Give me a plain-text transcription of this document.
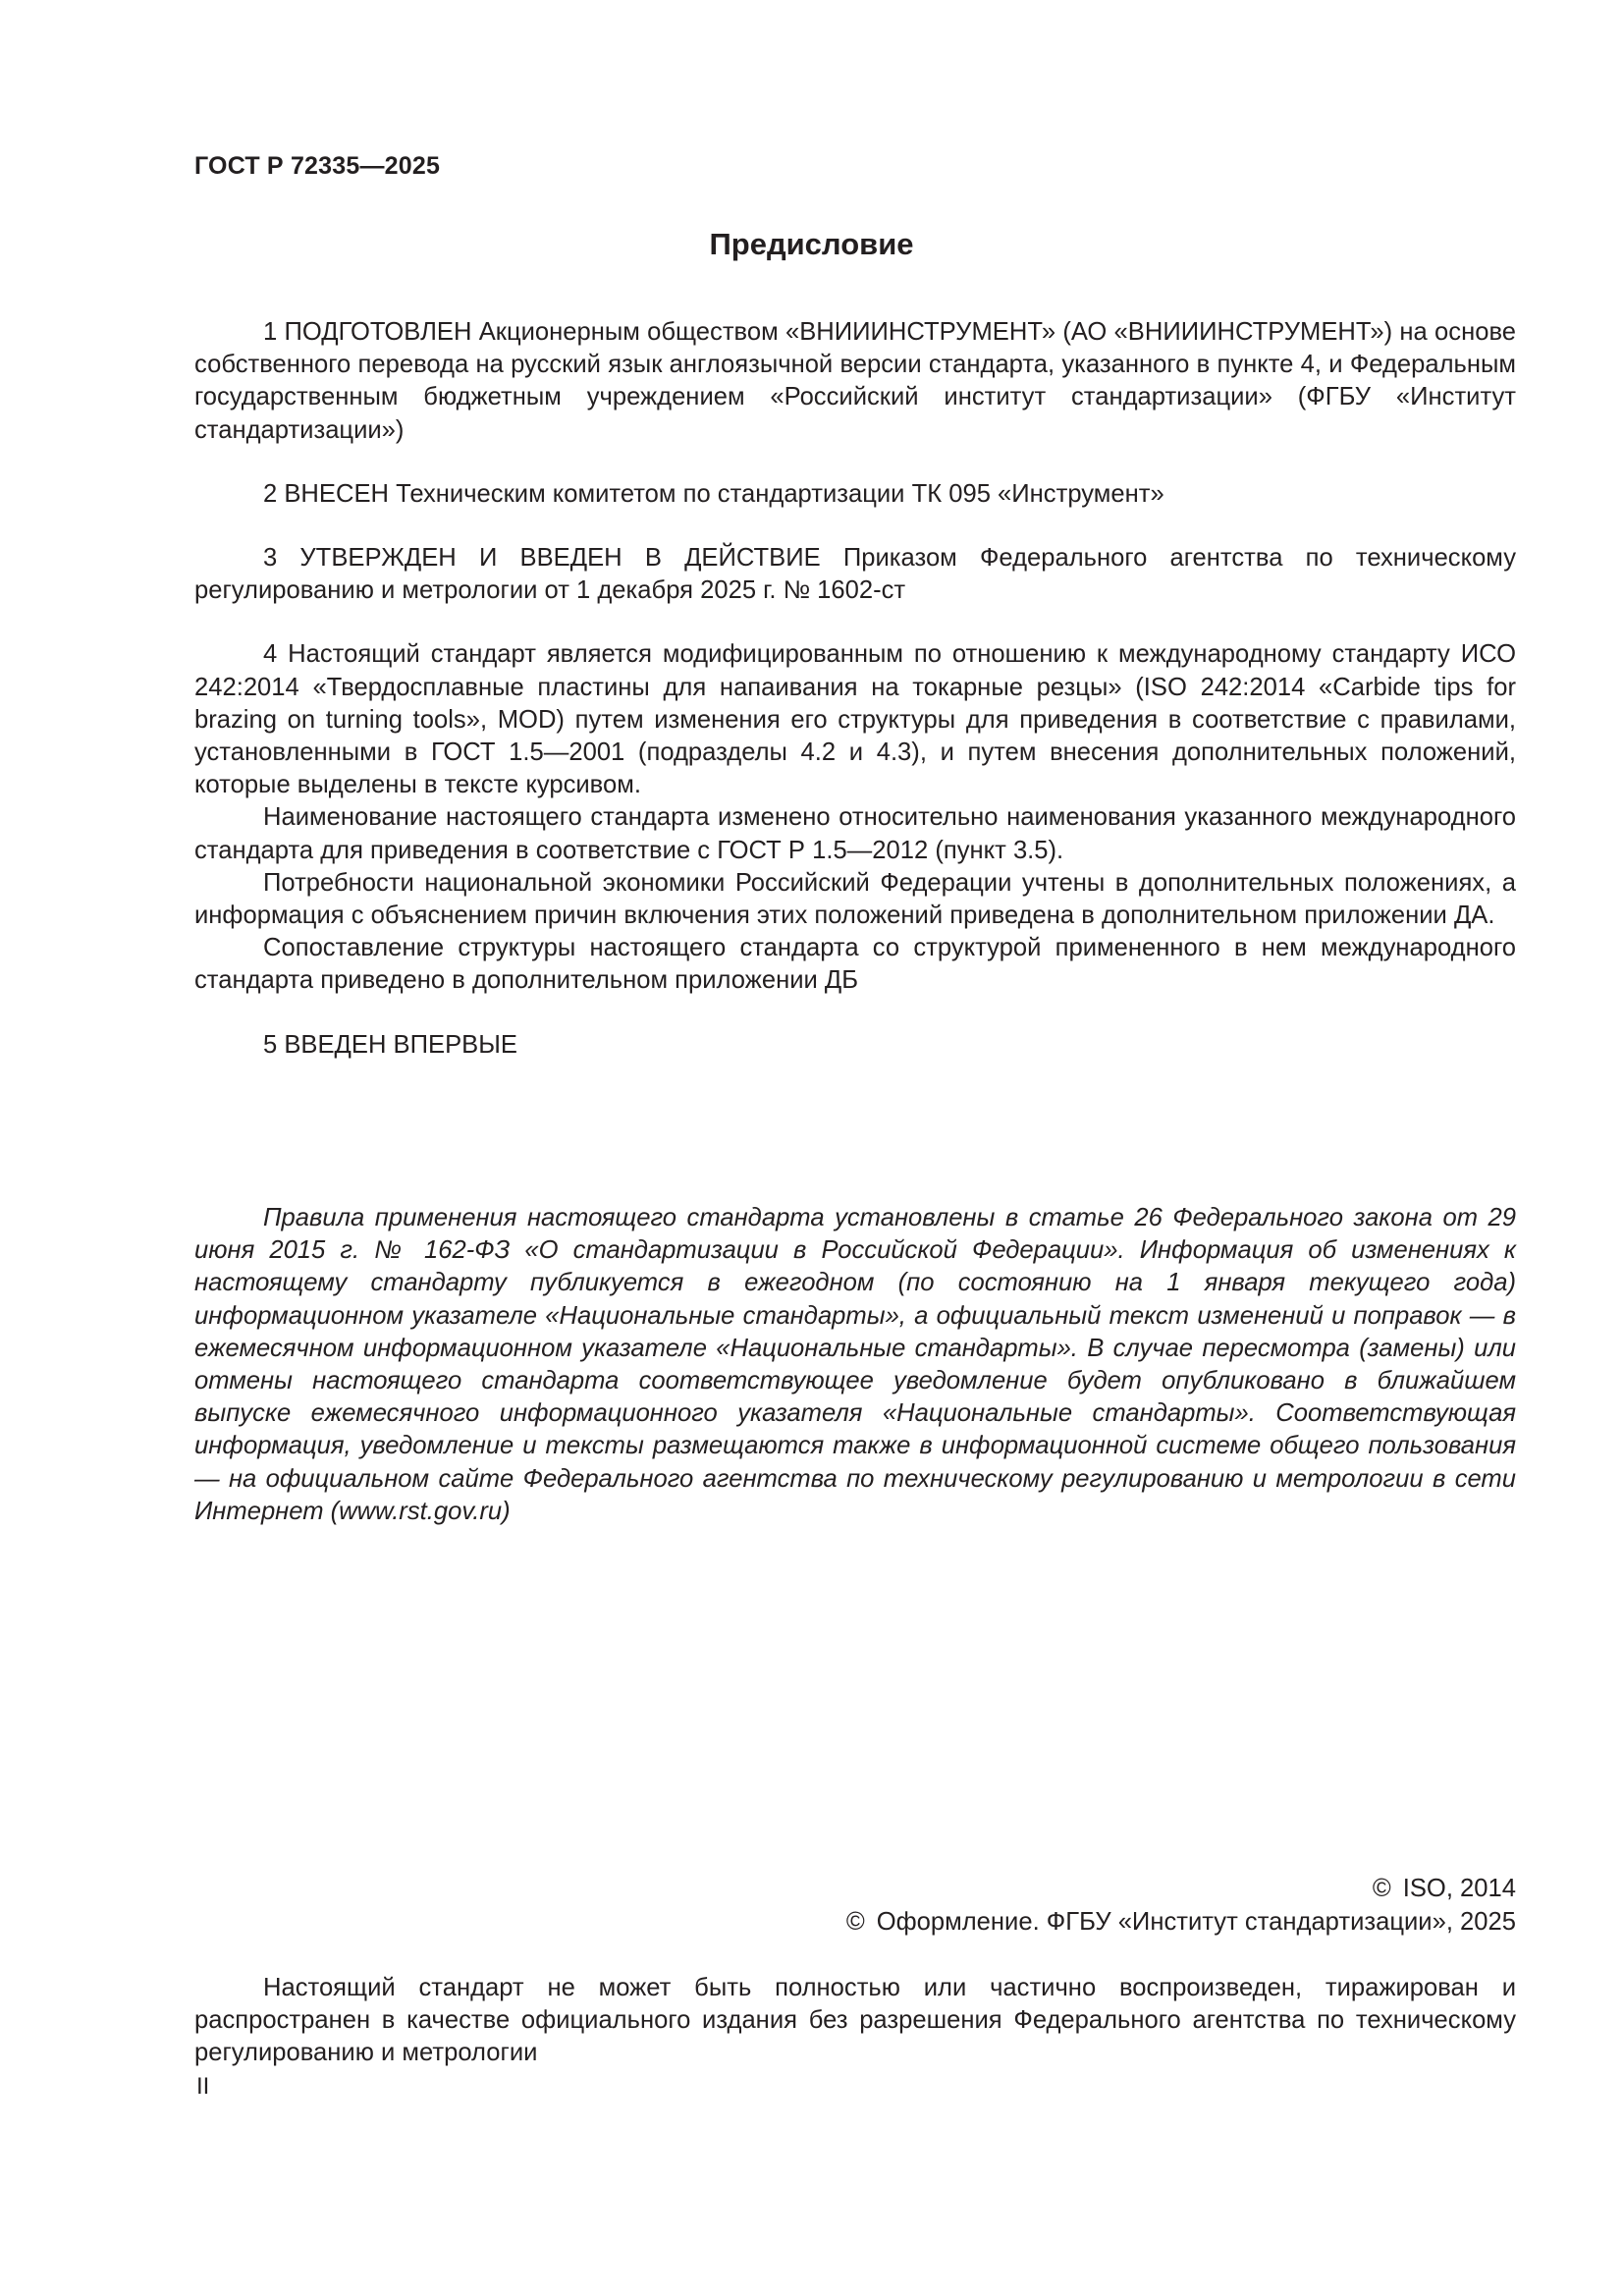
ГОСТ Р 72335—2025
Предисловие

1 ПОДГОТОВЛЕН Акционерным обществом «ВНИИИНСТРУМЕНТ» (АО «ВНИИИНСТРУМЕНТ») на основе собственного перевода на русский язык англоязычной версии стандарта, указанного в пункте 4, и Федеральным государственным бюджетным учреждением «Российский институт стандартизации» (ФГБУ «Институт стандартизации»)

2 ВНЕСЕН Техническим комитетом по стандартизации ТК 095 «Инструмент»

3 УТВЕРЖДЕН И ВВЕДЕН В ДЕЙСТВИЕ Приказом Федерального агентства по техническому регулированию и метрологии от 1 декабря 2025 г. № 1602-ст

4 Настоящий стандарт является модифицированным по отношению к международному стандарту ИСО 242:2014 «Твердосплавные пластины для напаивания на токарные резцы» (ISO 242:2014 «Carbide tips for brazing on turning tools», MOD) путем изменения его структуры для приведения в соответствие с правилами, установленными в ГОСТ 1.5—2001 (подразделы 4.2 и 4.3), и путем внесения дополнительных положений, которые выделены в тексте курсивом.

Наименование настоящего стандарта изменено относительно наименования указанного международного стандарта для приведения в соответствие с ГОСТ Р 1.5—2012 (пункт 3.5).

Потребности национальной экономики Российский Федерации учтены в дополнительных положениях, а информация с объяснением причин включения этих положений приведена в дополнительном приложении ДА.

Сопоставление структуры настоящего стандарта со структурой примененного в нем международного стандарта приведено в дополнительном приложении ДБ

5 ВВЕДЕН ВПЕРВЫЕ

Правила применения настоящего стандарта установлены в статье 26 Федерального закона от 29 июня 2015 г. № 162-ФЗ «О стандартизации в Российской Федерации». Информация об изменениях к настоящему стандарту публикуется в ежегодном (по состоянию на 1 января текущего года) информационном указателе «Национальные стандарты», а официальный текст изменений и поправок — в ежемесячном информационном указателе «Национальные стандарты». В случае пересмотра (замены) или отмены настоящего стандарта соответствующее уведомление будет опубликовано в ближайшем выпуске ежемесячного информационного указателя «Национальные стандарты». Соответствующая информация, уведомление и тексты размещаются также в информационной системе общего пользования — на официальном сайте Федерального агентства по техническому регулированию и метрологии в сети Интернет (www.rst.gov.ru)

© ISO, 2014
© Оформление. ФГБУ «Институт стандартизации», 2025

Настоящий стандарт не может быть полностью или частично воспроизведен, тиражирован и распространен в качестве официального издания без разрешения Федерального агентства по техническому регулированию и метрологии

II
